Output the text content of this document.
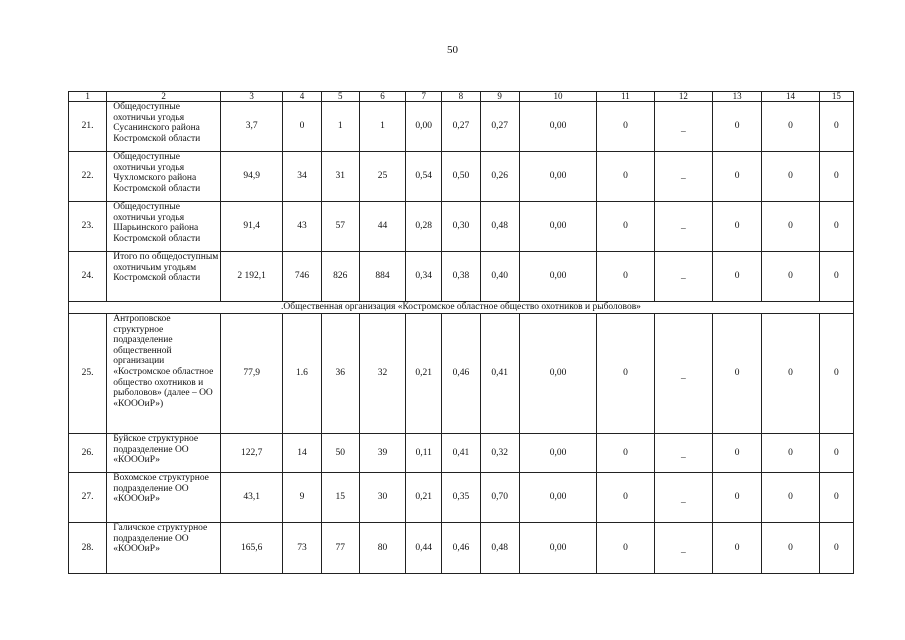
50
1	2	3	4	5	6	7	8	9	10	11	12	13	14	15
21.	Общедоступные охотничьи угодья Сусанинского района Костромской области	3,7	0	1	1	0,00	0,27	0,27	0,00	0	_	0	0	0
22.	Общедоступные охотничьи угодья Чухломского района Костромской области	94,9	34	31	25	0,54	0,50	0,26	0,00	0	–	0	0	0
23.	Общедоступные охотничьи угодья Шарьинского района Костромской области	91,4	43	57	44	0,28	0,30	0,48	0,00	0	–	0	0	0
24.	Итого по общедоступным охотничьим угодьям Костромской области	2 192,1	746	826	884	0,34	0,38	0,40	0,00	0	–	0	0	0
.Общественная организация «Костромское областное общество охотников и рыболовов»														
25.	Антроповское структурное подразделение общественной организации «Костромское областное общество охотников и рыболовов» (далее – ОО «КОООиР»)	77,9	1.6	36	32	0,21	0,46	0,41	0,00	0	_	0	0	0
26.	Буйское структурное подразделение ОО «КОООиР»	122,7	14	50	39	0,11	0,41	0,32	0,00	0	_	0	0	0
27.	Вохомское структурное подразделение ОО «КОООиР»	43,1	9	15	30	0,21	0,35	0,70	0,00	0	_	0	0	0
28.	Галичское структурное подразделение ОО «КОООиР»	165,6	73	77	80	0,44	0,46	0,48	0,00	0	_	0	0	0
